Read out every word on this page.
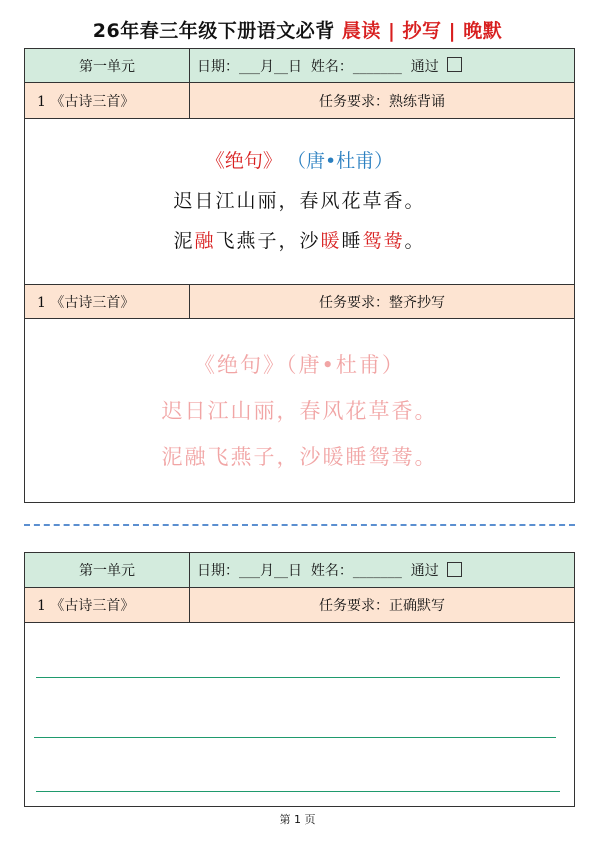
26年春三年级下册语文必背 晨读 | 抄写 | 晚默
第一单元	日期：___月__日  姓名：_______  通过
1 《古诗三首》	任务要求：熟练背诵
《绝句》 （唐•杜甫）
迟日江山丽，春风花草香。
泥融飞燕子，沙暖睡鸳鸯。
1 《古诗三首》	任务要求：整齐抄写
《绝句》（唐•杜甫）
迟日江山丽，春风花草香。
泥融飞燕子，沙暖睡鸳鸯。
第一单元	日期：___月__日  姓名：_______  通过
1 《古诗三首》	任务要求：正确默写
第 1 页
